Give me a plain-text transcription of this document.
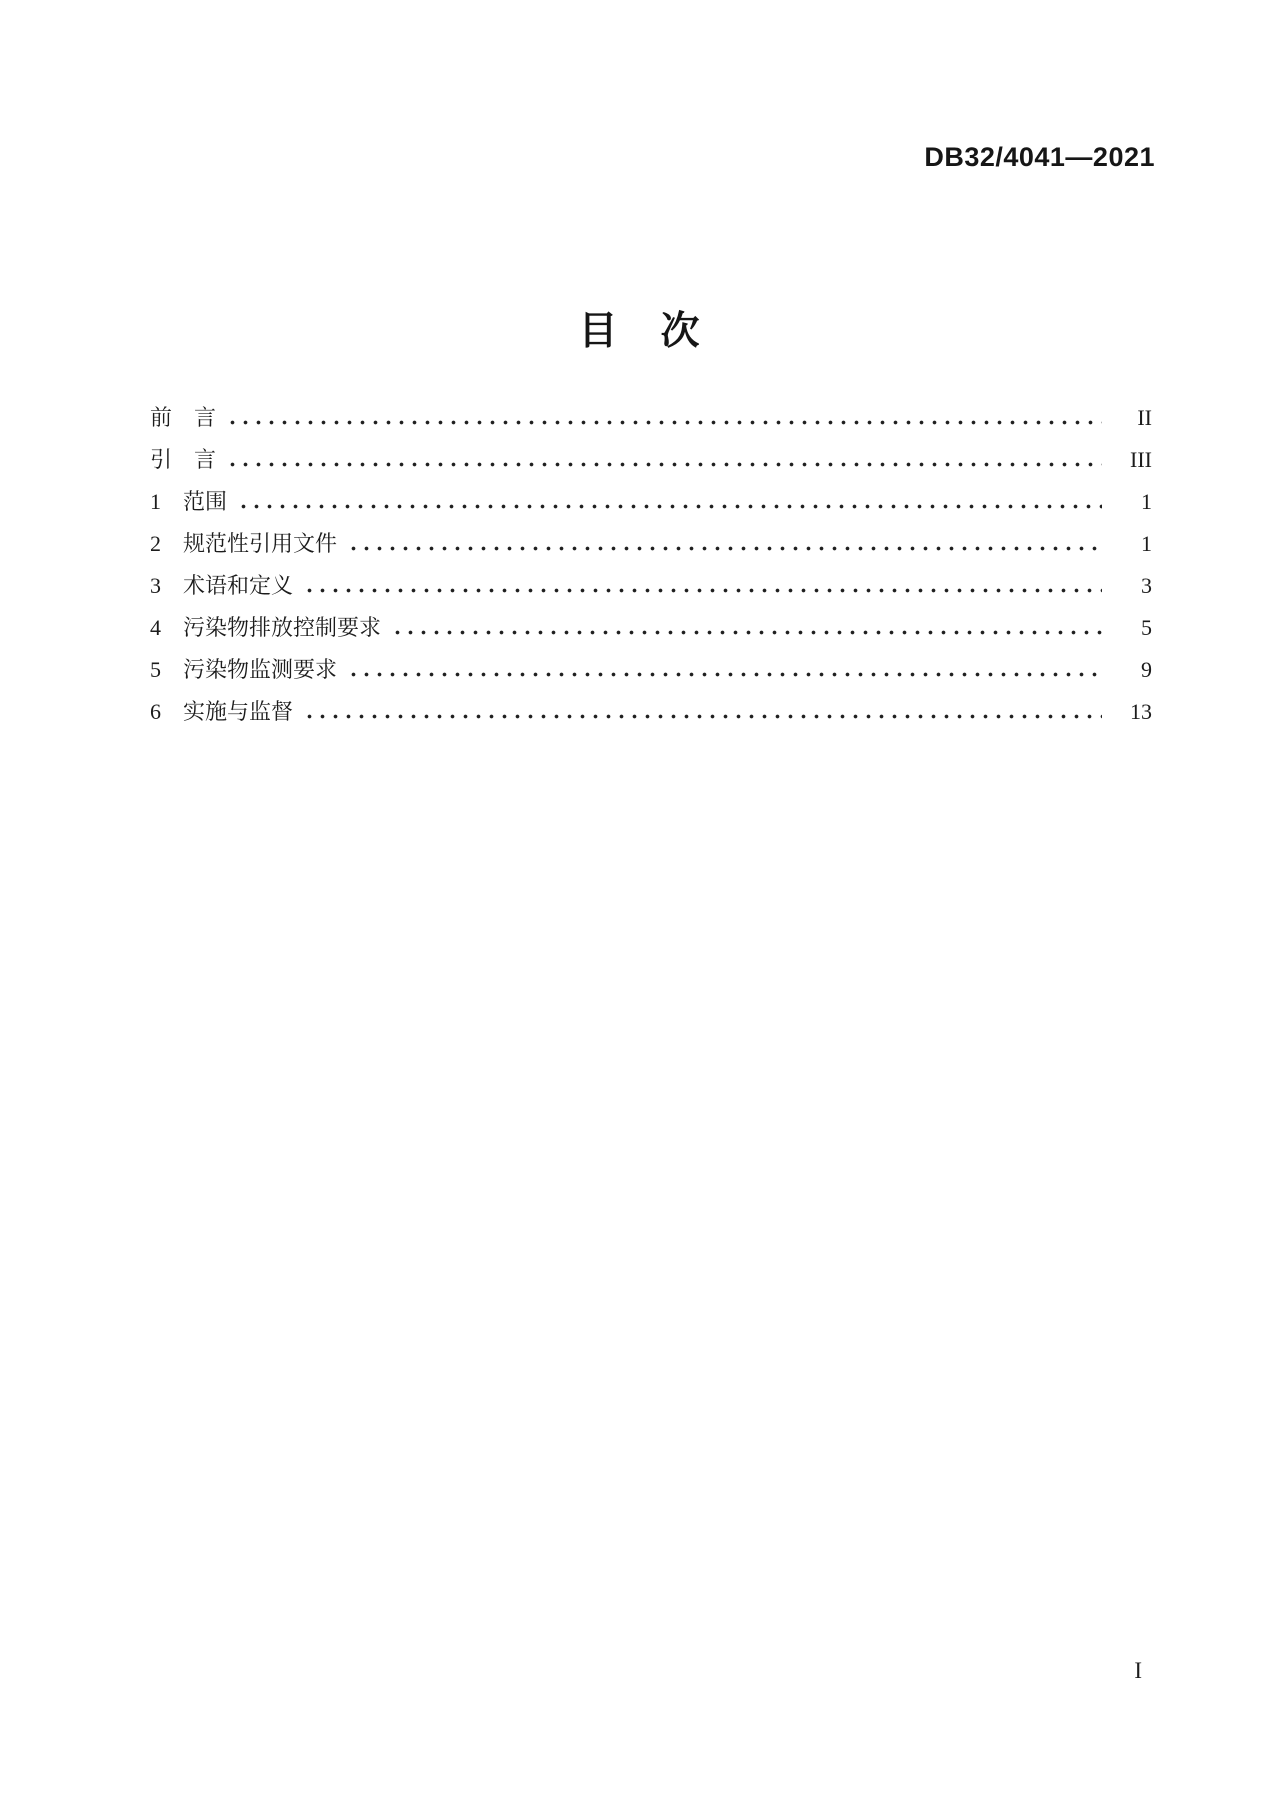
DB32/4041—2021
目　次
前　言	II
引　言	III
1　范围	1
2　规范性引用文件	1
3　术语和定义	3
4　污染物排放控制要求	5
5　污染物监测要求	9
6　实施与监督	13
I
